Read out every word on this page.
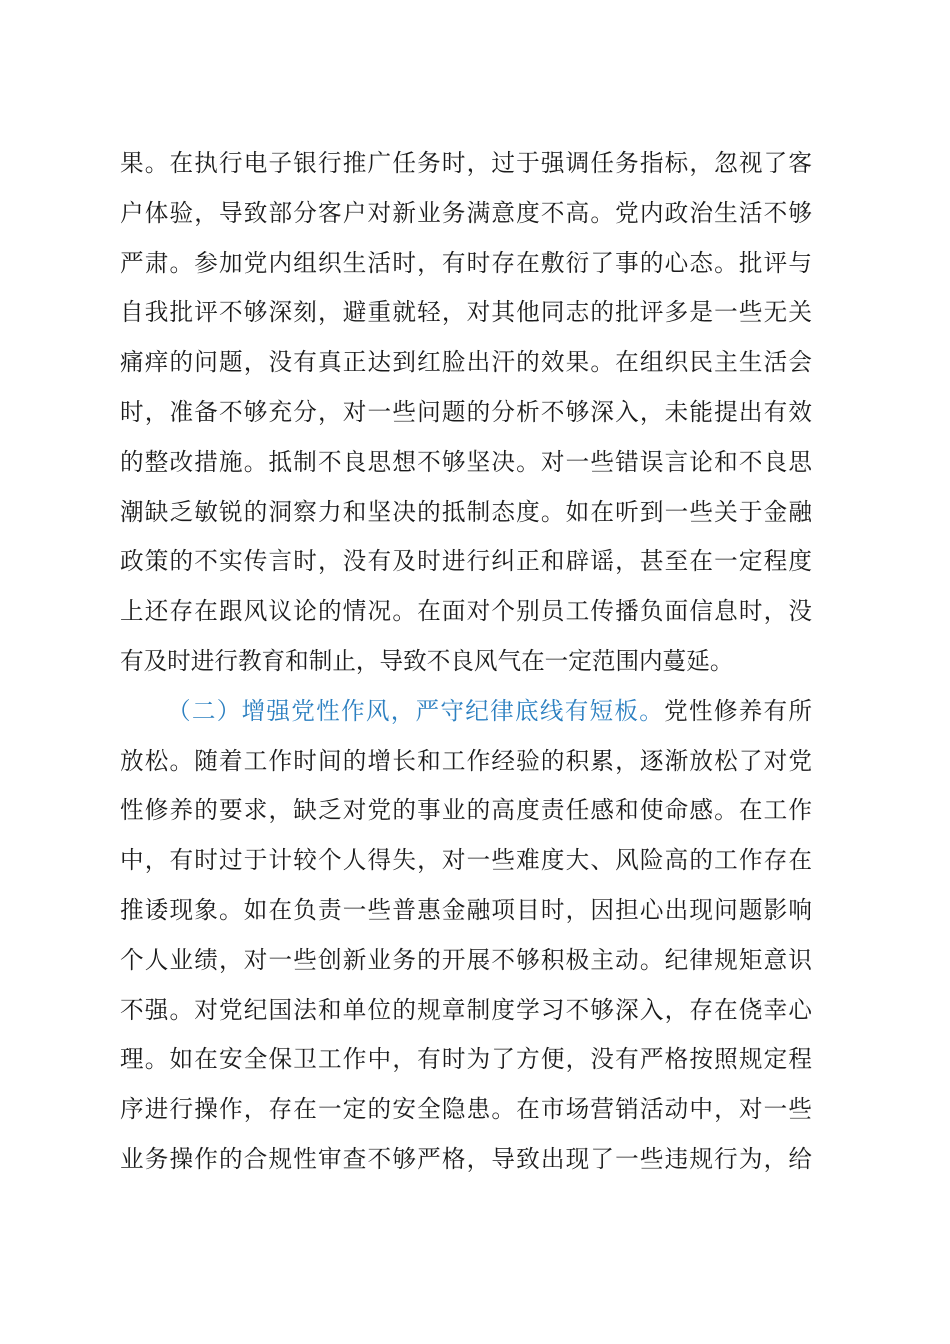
果。在执行电子银行推广任务时，过于强调任务指标，忽视了客
户体验，导致部分客户对新业务满意度不高。党内政治生活不够
严肃。参加党内组织生活时，有时存在敷衍了事的心态。批评与
自我批评不够深刻，避重就轻，对其他同志的批评多是一些无关
痛痒的问题，没有真正达到红脸出汗的效果。在组织民主生活会
时，准备不够充分，对一些问题的分析不够深入，未能提出有效
的整改措施。抵制不良思想不够坚决。对一些错误言论和不良思
潮缺乏敏锐的洞察力和坚决的抵制态度。如在听到一些关于金融
政策的不实传言时，没有及时进行纠正和辟谣，甚至在一定程度
上还存在跟风议论的情况。在面对个别员工传播负面信息时，没
有及时进行教育和制止，导致不良风气在一定范围内蔓延。
（二）增强党性作风，严守纪律底线有短板。党性修养有所
放松。随着工作时间的增长和工作经验的积累，逐渐放松了对党
性修养的要求，缺乏对党的事业的高度责任感和使命感。在工作
中，有时过于计较个人得失，对一些难度大、风险高的工作存在
推诿现象。如在负责一些普惠金融项目时，因担心出现问题影响
个人业绩，对一些创新业务的开展不够积极主动。纪律规矩意识
不强。对党纪国法和单位的规章制度学习不够深入，存在侥幸心
理。如在安全保卫工作中，有时为了方便，没有严格按照规定程
序进行操作，存在一定的安全隐患。在市场营销活动中，对一些
业务操作的合规性审查不够严格，导致出现了一些违规行为，给
